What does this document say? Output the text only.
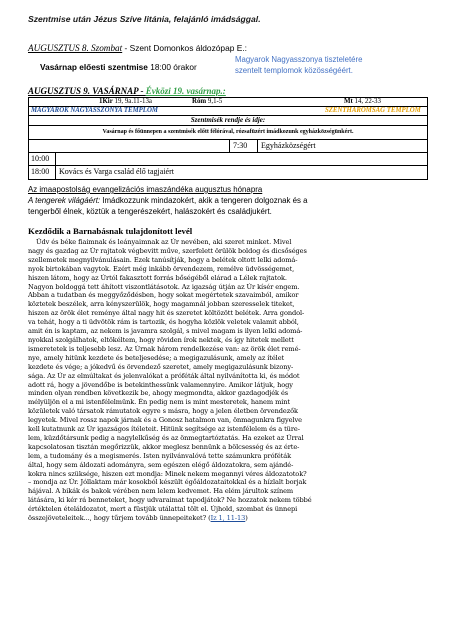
Szentmise után Jézus Szíve litánia, felajánló imádsággal.
AUGUSZTUS 8. Szombat - Szent Domonkos áldozópap E.:
Magyarok Nagyasszonya tiszteletére
szentelt templomok közösségéért.
Vasárnap előesti szentmise 18:00 órakor
AUGUSZTUS 9. VASÁRNAP - Évközi 19. vasárnap.:
1Kir 19, 9a.11-13a	Róm 9,1-5	Mt 14, 22-33
MAGYAROK NAGYASSZONYA TEMPLOM	SZENTHÁROMSÁG TEMPLOM
Szentmisék rendje és idje:
Vasárnap és főünnepen a szentmisék előtt félórával, rózsafüzért imádkozunk egyházközségünkért.
7:30 Egyházközségért
10:00
18:00 Kovács és Varga család élő tagjaiért
Az imaapostolság evangelizációs imaszándéka augusztus hónapra
A tengerek világáért: Imádkozzunk mindazokért, akik a tengeren dolgoznak és a
tengerből élnek, köztük a tengerészekért, halászokért és családjukért.
Kezdődik a Barnabásnak tulajdonított levél

Üdv és béke fiaimnak és leányaimnak az Úr nevében, aki szeret minket. Mivel

nagy és gazdag az Úr rajtatok végbevitt műve, szerfelett örülök boldog és dicsőséges

szellemetek megnyilvánulásain. Ezek tanúsítják, hogy a belétek oltott lelki adomá-

nyok birtokában vagytok. Ezért még inkább örvendezem, remélve üdvösségemet,

hiszen látom, hogy az Úrtól fakasztott forrás bőségéből elárad a Lélek rajtatok.

Nagyon boldoggá tett áhított viszontlátásotok. Az igazság útján az Úr kísér engem.

Abban a tudatban és meggyőződésben, hogy sokat megértetek szavaimból, amikor

köztetek beszélek, arra kényszerülök, hogy magamnál jobban szeresselek titeket,

hiszen az örök élet reménye által nagy hit és szeretet költözött belétek. Arra gondol-

va tehát, hogy a ti üdvötök rám is tartozik, és hogyha közlök veletek valamit abból,

amit én is kaptam, az nekem is javamra szolgál, s mivel magam is ilyen lelki adomá-

nyokkal szolgálhatok, eltökéltem, hogy röviden írok nektek, és így hitetek mellett

ismeretetek is teljesebb lesz. Az Úrnak három rendelkezése van: az örök élet remé-

nye, amely hitünk kezdete és beteljesedése; a megigazulásunk, amely az ítélet

kezdete és vége; a jókedvű és örvendező szeretet, amely megigazulásunk bizony-

sága. Az Úr az elmúltakat és jelenvalókat a próféták által nyilvánította ki, és módot

adott rá, hogy a jövendőbe is betekinthessünk valamennyire. Amikor látjuk, hogy

minden olyan rendben következik be, ahogy megmondta, akkor gazdagodjék és

mélyüljön el a mi istenfélelmünk. Én pedig nem is mint mesteretek, hanem mint

közületek való társatok rámutatok egyre s másra, hogy a jelen életben örvendezők

legyetek. Mivel rossz napok járnak és a Gonosz hatalmon van, önmagunkra figyelve

kell kutatnunk az Úr igazságos ítéleteit. Hitünk segítsége az istenfélelem és a türe-

lem, küzdőtársunk pedig a nagylelkűség és az önmegtartóztatás. Ha ezeket az Úrral

kapcsolatosan tisztán megőrizzük, akkor meglesz bennünk a bölcsesség és az érte-

lem, a tudomány és a megismerés. Isten nyilvánvalóvá tette számunkra próféták

által, hogy sem áldozati adományra, sem egészen elégő áldozatokra, sem ajándé-

kokra nincs szüksége, hiszen ezt mondja: Minek nekem megannyi véres áldozatotok?

– mondja az Úr. Jóllaktam már kosokból készült égőáldozataitokkal és a hízlalt borjak

hájával. A bikák és bakok vérében nem lelem kedvemet. Ha elém járultok színem

látására, ki kér rá benneteket, hogy udvaraimat tapodjátok? Ne hozzatok nekem többé

értéktelen ételáldozatot, mert a füstjük utálattal tölt el. Újhold, szombat és ünnepi

összejöveteleitek..., hogy tűrjem tovább ünnepeiteket? (Iz 1, 11-13)
